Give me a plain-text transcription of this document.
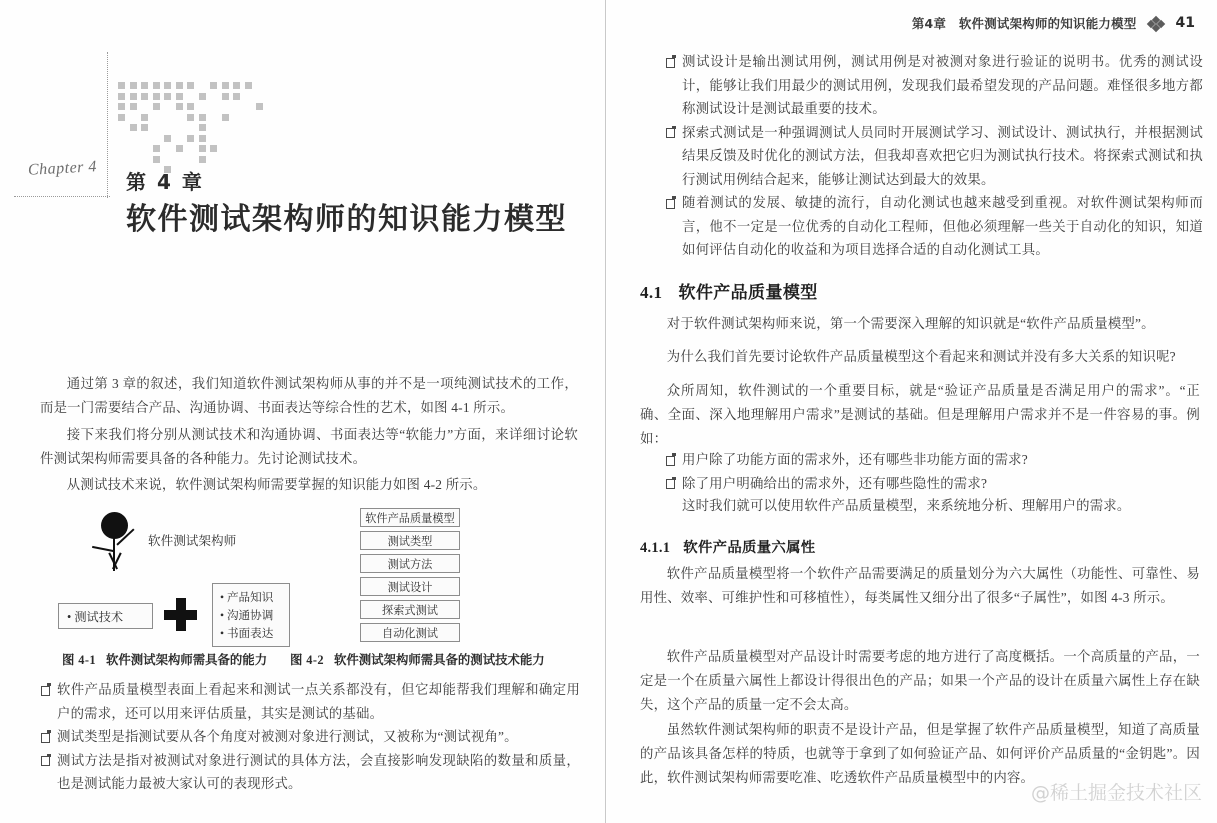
Chapter 4
第 4 章
软件测试架构师的知识能力模型
通过第 3 章的叙述，我们知道软件测试架构师从事的并不是一项纯测试技术的工作，而是一门需要结合产品、沟通协调、书面表达等综合性的艺术，如图 4-1 所示。
接下来我们将分别从测试技术和沟通协调、书面表达等“软能力”方面，来详细讨论软件测试架构师需要具备的各种能力。先讨论测试技术。
从测试技术来说，软件测试架构师需要掌握的知识能力如图 4-2 所示。
软件测试架构师
• 测试技术
• 产品知识
• 沟通协调
• 书面表达
软件产品质量模型
测试类型
测试方法
测试设计
探索式测试
自动化测试
图 4-1 软件测试架构师需具备的能力 图 4-2 软件测试架构师需具备的测试技术能力
软件产品质量模型表面上看起来和测试一点关系都没有，但它却能帮我们理解和确定用户的需求，还可以用来评估质量，其实是测试的基础。
测试类型是指测试要从各个角度对被测对象进行测试，又被称为“测试视角”。
测试方法是指对被测试对象进行测试的具体方法，会直接影响发现缺陷的数量和质量，也是测试能力最被大家认可的表现形式。
第4章　软件测试架构师的知识能力模型	41
测试设计是输出测试用例，测试用例是对被测对象进行验证的说明书。优秀的测试设计，能够让我们用最少的测试用例，发现我们最希望发现的产品问题。难怪很多地方都称测试设计是测试最重要的技术。
探索式测试是一种强调测试人员同时开展测试学习、测试设计、测试执行，并根据测试结果反馈及时优化的测试方法，但我却喜欢把它归为测试执行技术。将探索式测试和执行测试用例结合起来，能够让测试达到最大的效果。
随着测试的发展、敏捷的流行，自动化测试也越来越受到重视。对软件测试架构师而言，他不一定是一位优秀的自动化工程师，但他必须理解一些关于自动化的知识，知道如何评估自动化的收益和为项目选择合适的自动化测试工具。
4.1 软件产品质量模型
对于软件测试架构师来说，第一个需要深入理解的知识就是“软件产品质量模型”。
为什么我们首先要讨论软件产品质量模型这个看起来和测试并没有多大关系的知识呢?
众所周知，软件测试的一个重要目标，就是“验证产品质量是否满足用户的需求”。“正确、全面、深入地理解用户需求”是测试的基础。但是理解用户需求并不是一件容易的事。例如：
用户除了功能方面的需求外，还有哪些非功能方面的需求?
除了用户明确给出的需求外，还有哪些隐性的需求?
这时我们就可以使用软件产品质量模型，来系统地分析、理解用户的需求。
4.1.1 软件产品质量六属性
软件产品质量模型将一个软件产品需要满足的质量划分为六大属性（功能性、可靠性、易用性、效率、可维护性和可移植性），每类属性又细分出了很多“子属性”，如图 4-3 所示。
软件产品质量模型对产品设计时需要考虑的地方进行了高度概括。一个高质量的产品，一定是一个在质量六属性上都设计得很出色的产品；如果一个产品的设计在质量六属性上存在缺失，这个产品的质量一定不会太高。
虽然软件测试架构师的职责不是设计产品，但是掌握了软件产品质量模型，知道了高质量的产品该具备怎样的特质，也就等于拿到了如何验证产品、如何评价产品质量的“金钥匙”。因此，软件测试架构师需要吃准、吃透软件产品质量模型中的内容。
@稀土掘金技术社区
